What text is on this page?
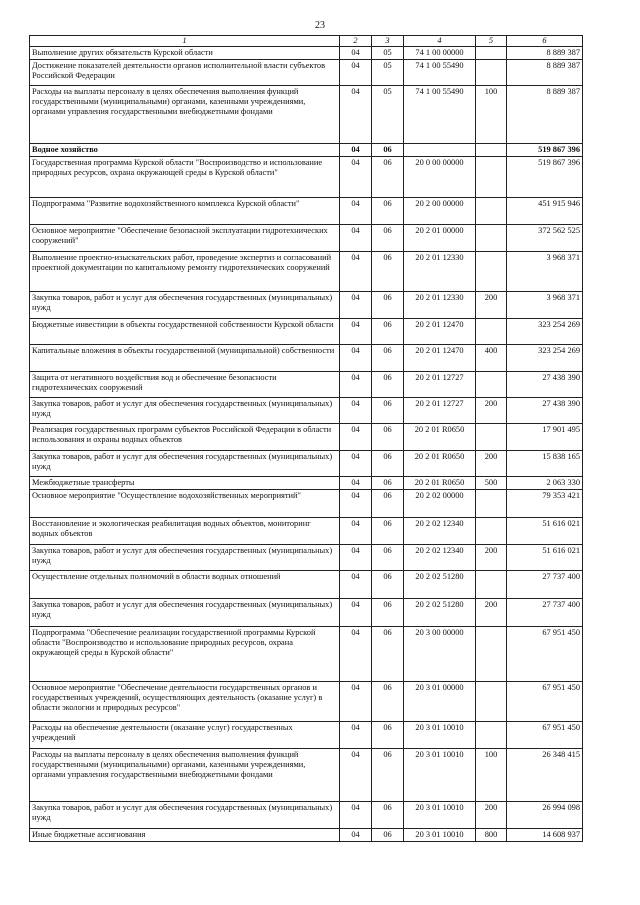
23
1	2	3	4	5	6
Выполнение других обязательств Курской области	04	05	74 1 00 00000		8 889 387
Достижение показателей деятельности органов исполнительной власти субъектов Российской Федерации	04	05	74 1 00 55490		8 889 387
Расходы на выплаты персоналу в целях обеспечения выполнения функций государственными (муниципальными) органами, казенными учреждениями, органами управления государственными внебюджетными фондами	04	05	74 1 00 55490	100	8 889 387
Водное хозяйство	04	06			519 867 396
Государственная программа Курской области "Воспроизводство и использование природных ресурсов, охрана окружающей среды в Курской области"	04	06	20 0 00 00000		519 867 396
Подпрограмма "Развитие водохозяйственного комплекса Курской области"	04	06	20 2 00 00000		451 915 946
Основное мероприятие "Обеспечение безопасной эксплуатации гидротехнических сооружений"	04	06	20 2 01 00000		372 562 525
Выполнение проектно-изыскательских работ, проведение экспертиз и согласований проектной документации по капитальному ремонту гидротехнических сооружений	04	06	20 2 01 12330		3 968 371
Закупка товаров, работ и услуг для обеспечения государственных (муниципальных) нужд	04	06	20 2 01 12330	200	3 968 371
Бюджетные инвестиции в объекты государственной собственности Курской области	04	06	20 2 01 12470		323 254 269
Капитальные вложения в объекты государственной (муниципальной) собственности	04	06	20 2 01 12470	400	323 254 269
Защита от негативного воздействия вод и обеспечение безопасности гидротехнических сооружений	04	06	20 2 01 12727		27 438 390
Закупка товаров, работ и услуг для обеспечения государственных (муниципальных) нужд	04	06	20 2 01 12727	200	27 438 390
Реализация государственных программ субъектов Российской Федерации в области использования и охраны водных объектов	04	06	20 2 01 R0650		17 901 495
Закупка товаров, работ и услуг для обеспечения государственных (муниципальных) нужд	04	06	20 2 01 R0650	200	15 838 165
Межбюджетные трансферты	04	06	20 2 01 R0650	500	2 063 330
Основное мероприятие "Осуществление водохозяйственных мероприятий"	04	06	20 2 02 00000		79 353 421
Восстановление и экологическая реабилитация водных объектов, мониторинг водных объектов	04	06	20 2 02 12340		51 616 021
Закупка товаров, работ и услуг для обеспечения государственных (муниципальных) нужд	04	06	20 2 02 12340	200	51 616 021
Осуществление отдельных полномочий в области водных отношений	04	06	20 2 02 51280		27 737 400
Закупка товаров, работ и услуг для обеспечения государственных (муниципальных) нужд	04	06	20 2 02 51280	200	27 737 400
Подпрограмма "Обеспечение реализации государственной программы Курской области "Воспроизводство и использование природных ресурсов, охрана окружающей среды в Курской области"	04	06	20 3 00 00000		67 951 450
Основное мероприятие "Обеспечение деятельности государственных органов и государственных учреждений, осуществляющих деятельность (оказание услуг) в области экологии и природных ресурсов"	04	06	20 3 01 00000		67 951 450
Расходы на обеспечение деятельности (оказание услуг) государственных учреждений	04	06	20 3 01 10010		67 951 450
Расходы на выплаты персоналу в целях обеспечения выполнения функций государственными (муниципальными) органами, казенными учреждениями, органами управления государственными внебюджетными фондами	04	06	20 3 01 10010	100	26 348 415
Закупка товаров, работ и услуг для обеспечения государственных (муниципальных) нужд	04	06	20 3 01 10010	200	26 994 098
Иные бюджетные ассигнования	04	06	20 3 01 10010	800	14 608 937
